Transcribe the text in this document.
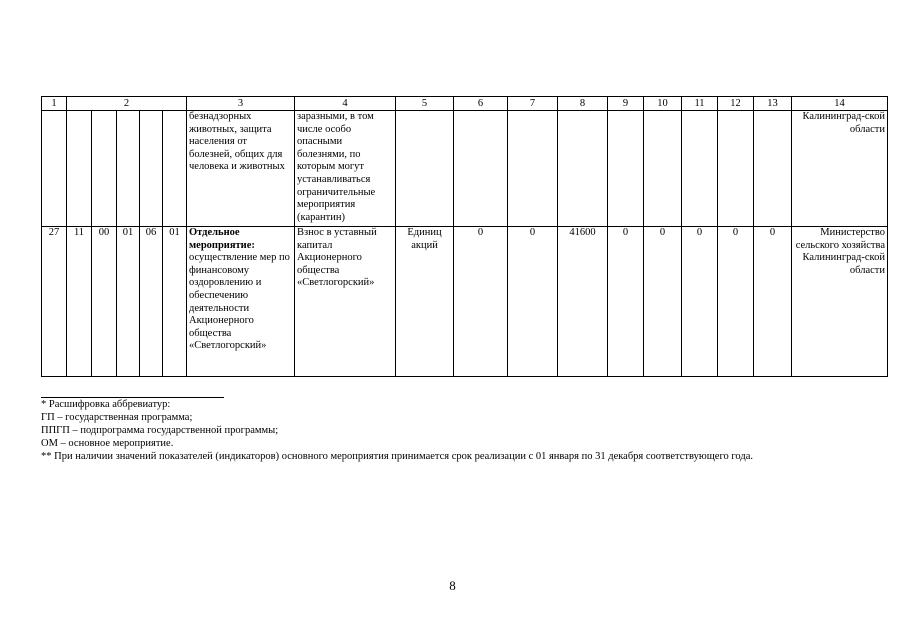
1	2					3	4	5	6	7	8	9	10	11	12	13	14
						безнадзорных животных, защита населения от болезней, общих для человека и животных	заразными, в том числе особо опасными болезнями, по которым могут устанавливаться ограничительные мероприятия (карантин)										Калининград-ской области
27	11	00	01	06	01	Отдельное мероприятие: осуществление мер по финансовому оздоровлению и обеспечению деятельности Акционерного общества «Светлогорский»	Взнос в уставный капитал Акционерного общества «Светлогорский»	Единиц акций	0	0	41600	0	0	0	0	0	Министерство сельского хозяйства Калининград-ской области
* Расшифровка аббревиатур:
ГП – государственная программа;
ППГП – подпрограмма государственной программы;
ОМ – основное мероприятие.
** При наличии значений показателей (индикаторов) основного мероприятия принимается срок реализации с 01 января по 31 декабря соответствующего года.
8
